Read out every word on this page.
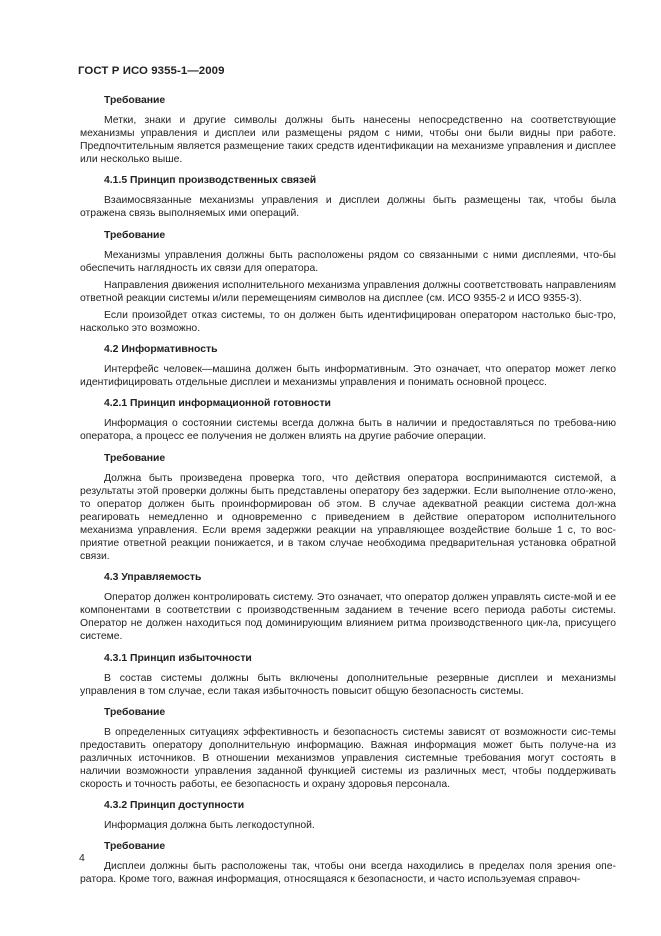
ГОСТ Р ИСО 9355-1—2009
Требование
Метки, знаки и другие символы должны быть нанесены непосредственно на соответствующие механизмы управления и дисплеи или размещены рядом с ними, чтобы они были видны при работе. Предпочтительным является размещение таких средств идентификации на механизме управления и дисплее или несколько выше.
4.1.5 Принцип производственных связей
Взаимосвязанные механизмы управления и дисплеи должны быть размещены так, чтобы была отражена связь выполняемых ими операций.
Требование
Механизмы управления должны быть расположены рядом со связанными с ними дисплеями, что-бы обеспечить наглядность их связи для оператора.
Направления движения исполнительного механизма управления должны соответствовать направлениям ответной реакции системы и/или перемещениям символов на дисплее (см. ИСО 9355-2 и ИСО 9355-3).
Если произойдет отказ системы, то он должен быть идентифицирован оператором настолько быс-тро, насколько это возможно.
4.2 Информативность
Интерфейс человек—машина должен быть информативным. Это означает, что оператор может легко идентифицировать отдельные дисплеи и механизмы управления и понимать основной процесс.
4.2.1 Принцип информационной готовности
Информация о состоянии системы всегда должна быть в наличии и предоставляться по требова-нию оператора, а процесс ее получения не должен влиять на другие рабочие операции.
Требование
Должна быть произведена проверка того, что действия оператора воспринимаются системой, а результаты этой проверки должны быть представлены оператору без задержки. Если выполнение отло-жено, то оператор должен быть проинформирован об этом. В случае адекватной реакции система дол-жна реагировать немедленно и одновременно с приведением в действие оператором исполнительного механизма управления. Если время задержки реакции на управляющее воздействие больше 1 с, то вос-приятие ответной реакции понижается, и в таком случае необходима предварительная установка обратной связи.
4.3 Управляемость
Оператор должен контролировать систему. Это означает, что оператор должен управлять систе-мой и ее компонентами в соответствии с производственным заданием в течение всего периода работы системы. Оператор не должен находиться под доминирующим влиянием ритма производственного цик-ла, присущего системе.
4.3.1 Принцип избыточности
В состав системы должны быть включены дополнительные резервные дисплеи и механизмы управления в том случае, если такая избыточность повысит общую безопасность системы.
Требование
В определенных ситуациях эффективность и безопасность системы зависят от возможности сис-темы предоставить оператору дополнительную информацию. Важная информация может быть получе-на из различных источников. В отношении механизмов управления системные требования могут состоять в наличии возможности управления заданной функцией системы из различных мест, чтобы поддерживать скорость и точность работы, ее безопасность и охрану здоровья персонала.
4.3.2 Принцип доступности
Информация должна быть легкодоступной.
Требование
Дисплеи должны быть расположены так, чтобы они всегда находились в пределах поля зрения опе-ратора. Кроме того, важная информация, относящаяся к безопасности, и часто используемая справоч-
4
